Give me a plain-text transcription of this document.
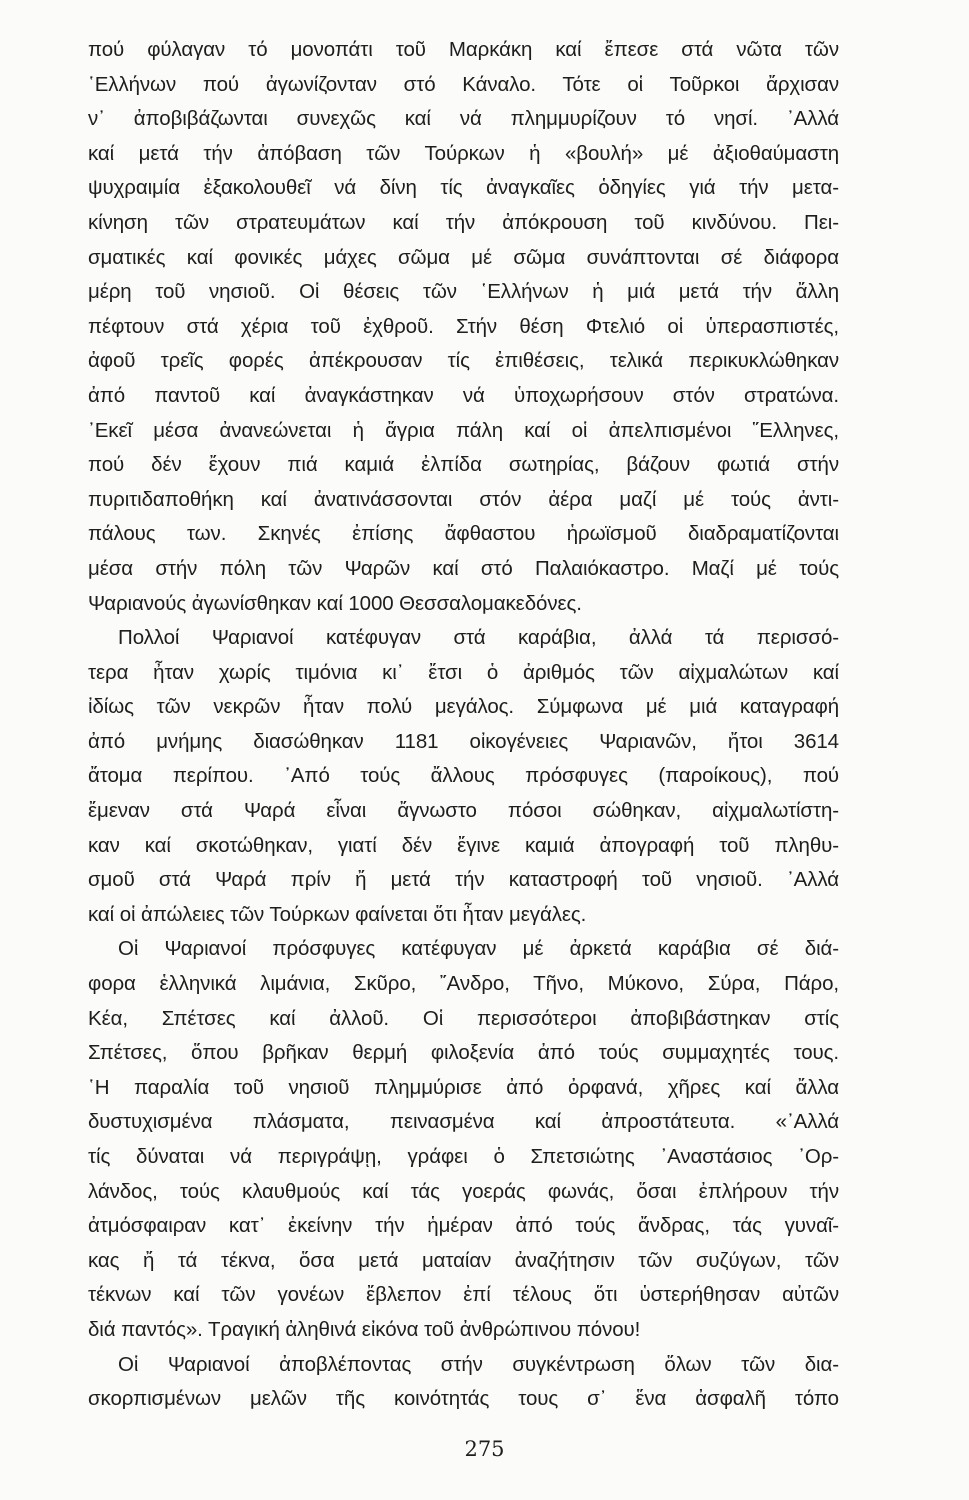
πού φύλαγαν τό μονοπάτι τοῦ Μαρκάκη καί ἔπεσε στά νῶτα τῶν
῾Ελλήνων πού ἀγωνίζονταν στό Κάναλο. Τότε οἱ Τοῦρκοι ἄρχισαν
ν᾽ ἀποβιβάζωνται συνεχῶς καί νά πλημμυρίζουν τό νησί. ᾽Αλλά
καί μετά τήν ἀπόβαση τῶν Τούρκων ἡ «βουλή» μέ ἀξιοθαύμαστη
ψυχραιμία ἐξακολουθεῖ νά δίνη τίς ἀναγκαῖες ὁδηγίες γιά τήν μετα-
κίνηση τῶν στρατευμάτων καί τήν ἀπόκρουση τοῦ κινδύνου. Πει-
σματικές καί φονικές μάχες σῶμα μέ σῶμα συνάπτονται σέ διάφορα
μέρη τοῦ νησιοῦ. Οἱ θέσεις τῶν ῾Ελλήνων ἡ μιά μετά τήν ἄλλη
πέφτουν στά χέρια τοῦ ἐχθροῦ. Στήν θέση Φτελιό οἱ ὑπερασπιστές,
ἀφοῦ τρεῖς φορές ἀπέκρουσαν τίς ἐπιθέσεις, τελικά περικυκλώθηκαν
ἀπό παντοῦ καί ἀναγκάστηκαν νά ὑποχωρήσουν στόν στρατώνα.
᾽Εκεῖ μέσα ἀνανεώνεται ἡ ἄγρια πάλη καί οἱ ἀπελπισμένοι ῞Ελληνες,
πού δέν ἔχουν πιά καμιά ἐλπίδα σωτηρίας, βάζουν φωτιά στήν
πυριτιδαποθήκη καί ἀνατινάσσονται στόν ἀέρα μαζί μέ τούς ἀντι-
πάλους των. Σκηνές ἐπίσης ἄφθαστου ἡρωϊσμοῦ διαδραματίζονται
μέσα στήν πόλη τῶν Ψαρῶν καί στό Παλαιόκαστρο. Μαζί μέ τούς
Ψαριανούς ἀγωνίσθηκαν καί 1000 Θεσσαλομακεδόνες.
Πολλοί Ψαριανοί κατέφυγαν στά καράβια, ἀλλά τά περισσό-
τερα ἦταν χωρίς τιμόνια κι᾽ ἔτσι ὁ ἀριθμός τῶν αἰχμαλώτων καί
ἰδίως τῶν νεκρῶν ἦταν πολύ μεγάλος. Σύμφωνα μέ μιά καταγραφή
ἀπό μνήμης διασώθηκαν 1181 οἰκογένειες Ψαριανῶν, ἤτοι 3614
ἄτομα περίπου. ᾽Από τούς ἄλλους πρόσφυγες (παροίκους), πού
ἔμεναν στά Ψαρά εἶναι ἄγνωστο πόσοι σώθηκαν, αἰχμαλωτίστη-
καν καί σκοτώθηκαν, γιατί δέν ἔγινε καμιά ἀπογραφή τοῦ πληθυ-
σμοῦ στά Ψαρά πρίν ἤ μετά τήν καταστροφή τοῦ νησιοῦ. ᾽Αλλά
καί οἱ ἀπώλειες τῶν Τούρκων φαίνεται ὅτι ἦταν μεγάλες.
Οἱ Ψαριανοί πρόσφυγες κατέφυγαν μέ ἀρκετά καράβια σέ διά-
φορα ἑλληνικά λιμάνια, Σκῦρο, ῎Ανδρο, Τῆνο, Μύκονο, Σύρα, Πάρο,
Κέα, Σπέτσες καί ἀλλοῦ. Οἱ περισσότεροι ἀποβιβάστηκαν στίς
Σπέτσες, ὅπου βρῆκαν θερμή φιλοξενία ἀπό τούς συμμαχητές τους.
῾Η παραλία τοῦ νησιοῦ πλημμύρισε ἀπό ὀρφανά, χῆρες καί ἄλλα
δυστυχισμένα πλάσματα, πεινασμένα καί ἀπροστάτευτα. «᾽Αλλά
τίς δύναται νά περιγράψῃ, γράφει ὁ Σπετσιώτης ᾽Αναστάσιος ᾽Ορ-
λάνδος, τούς κλαυθμούς καί τάς γοεράς φωνάς, ὅσαι ἐπλήρουν τήν
ἀτμόσφαιραν κατ᾽ ἐκείνην τήν ἡμέραν ἀπό τούς ἄνδρας, τάς γυναῖ-
κας ἤ τά τέκνα, ὅσα μετά ματαίαν ἀναζήτησιν τῶν συζύγων, τῶν
τέκνων καί τῶν γονέων ἔβλεπον ἐπί τέλους ὅτι ὑστερήθησαν αὐτῶν
διά παντός». Τραγική ἀληθινά εἰκόνα τοῦ ἀνθρώπινου πόνου!
Οἱ Ψαριανοί ἀποβλέποντας στήν συγκέντρωση ὅλων τῶν δια-
σκορπισμένων μελῶν τῆς κοινότητάς τους σ᾽ ἕνα ἀσφαλῆ τόπο
275
